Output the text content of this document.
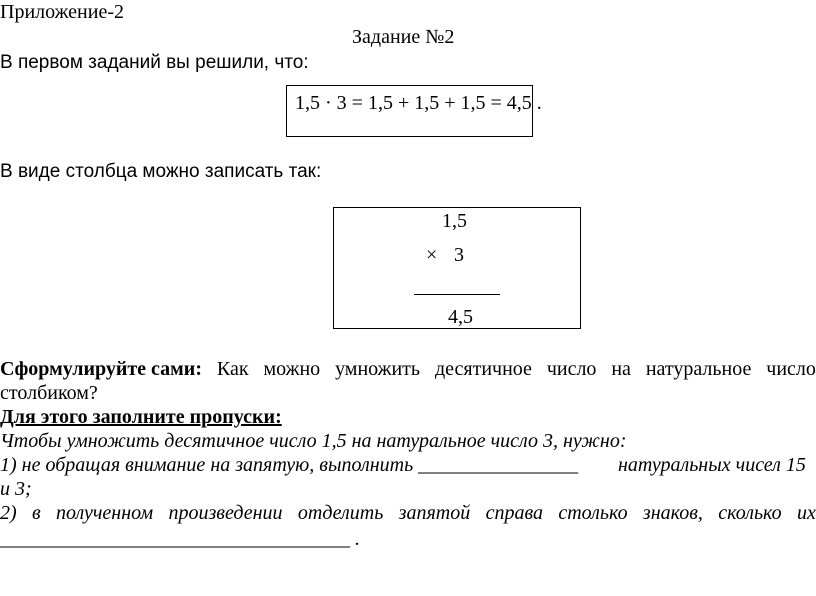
Приложение-2
Задание №2
В первом заданий вы решили, что:
1,5 · 3 = 1,5 + 1,5 + 1,5 = 4,5 .
В виде столбца можно записать так:
1,5
× 3
4,5
Сформулируйте сами: Как можно умножить десятичное число на натуральное число
столбиком?
Для этого заполните пропуски:
Чтобы умножить десятичное число 1,5 на натуральное число 3, нужно:
1) не обращая внимание на запятую, выполнить ________________ натуральных чисел 15
и 3;
2) в полученном произведении отделить запятой справа столько знаков, сколько их
___________________________________ .
